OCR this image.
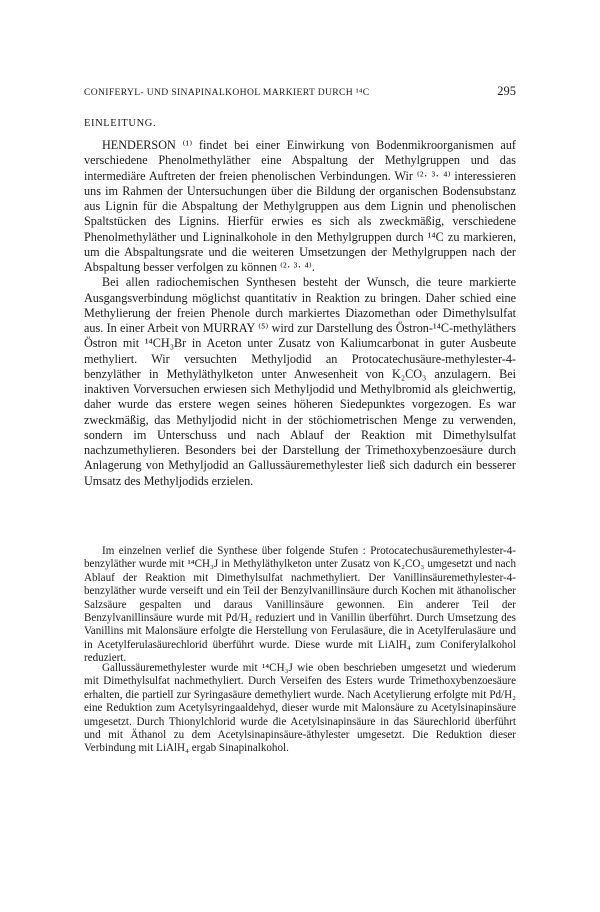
CONIFERYL- UND SINAPINALKOHOL MARKIERT DURCH ¹⁴C	295
EINLEITUNG.

HENDERSON ⁽¹⁾ findet bei einer Einwirkung von Bodenmikroorganismen auf verschiedene Phenolmethyläther eine Abspaltung der Methylgruppen und das intermediäre Auftreten der freien phenolischen Verbindungen. Wir ⁽²· ³· ⁴⁾ interessieren uns im Rahmen der Untersuchungen über die Bildung der organischen Bodensubstanz aus Lignin für die Abspaltung der Methylgruppen aus dem Lignin und phenolischen Spaltstücken des Lignins. Hierfür erwies es sich als zweckmäßig, verschiedene Phenolmethyläther und Ligninalkohole in den Methylgruppen durch ¹⁴C zu markieren, um die Abspaltungsrate und die weiteren Umsetzungen der Methylgruppen nach der Abspaltung besser verfolgen zu können ⁽²· ³· ⁴⁾.

Bei allen radiochemischen Synthesen besteht der Wunsch, die teure markierte Ausgangsverbindung möglichst quantitativ in Reaktion zu bringen. Daher schied eine Methylierung der freien Phenole durch markiertes Diazomethan oder Dimethylsulfat aus. In einer Arbeit von MURRAY ⁽⁵⁾ wird zur Darstellung des Östron-¹⁴C-methyläthers Östron mit ¹⁴CH₃Br in Aceton unter Zusatz von Kaliumcarbonat in guter Ausbeute methyliert. Wir versuchten Methyljodid an Protocatechusäure-methylester-4-benzyläther in Methyläthylketon unter Anwesenheit von K₂CO₃ anzulagern. Bei inaktiven Vorversuchen erwiesen sich Methyljodid und Methylbromid als gleichwertig, daher wurde das erstere wegen seines höheren Siedepunktes vorgezogen. Es war zweckmäßig, das Methyljodid nicht in der stöchiometrischen Menge zu verwenden, sondern im Unterschuss und nach Ablauf der Reaktion mit Dimethylsulfat nachzumethylieren. Besonders bei der Darstellung der Trimethoxybenzoesäure durch Anlagerung von Methyljodid an Gallussäuremethylester ließ sich dadurch ein besserer Umsatz des Methyljodids erzielen.

Im einzelnen verlief die Synthese über folgende Stufen : Protocatechusäuremethylester-4-benzyläther wurde mit ¹⁴CH₃J in Methyläthylketon unter Zusatz von K₂CO₃ umgesetzt und nach Ablauf der Reaktion mit Dimethylsulfat nachmethyliert. Der Vanillinsäuremethylester-4-benzyläther wurde verseift und ein Teil der Benzylvanillinsäure durch Kochen mit äthanolischer Salzsäure gespalten und daraus Vanillinsäure gewonnen. Ein anderer Teil der Benzylvanillinsäure wurde mit Pd/H₂ reduziert und in Vanillin überführt. Durch Umsetzung des Vanillins mit Malonsäure erfolgte die Herstellung von Ferulasäure, die in Acetylferulasäure und in Acetylferulasäurechlorid überführt wurde. Diese wurde mit LiAlH₄ zum Coniferylalkohol reduziert.

Gallussäuremethylester wurde mit ¹⁴CH₃J wie oben beschrieben umgesetzt und wiederum mit Dimethylsulfat nachmethyliert. Durch Verseifen des Esters wurde Trimethoxybenzoesäure erhalten, die partiell zur Syringasäure demethyliert wurde. Nach Acetylierung erfolgte mit Pd/H₂ eine Reduktion zum Acetylsyringaaldehyd, dieser wurde mit Malonsäure zu Acetylsinapinsäure umgesetzt. Durch Thionylchlorid wurde die Acetylsinapinsäure in das Säurechlorid überführt und mit Äthanol zu dem Acetylsinapinsäure-äthylester umgesetzt. Die Reduktion dieser Verbindung mit LiAlH₄ ergab Sinapinalkohol.
